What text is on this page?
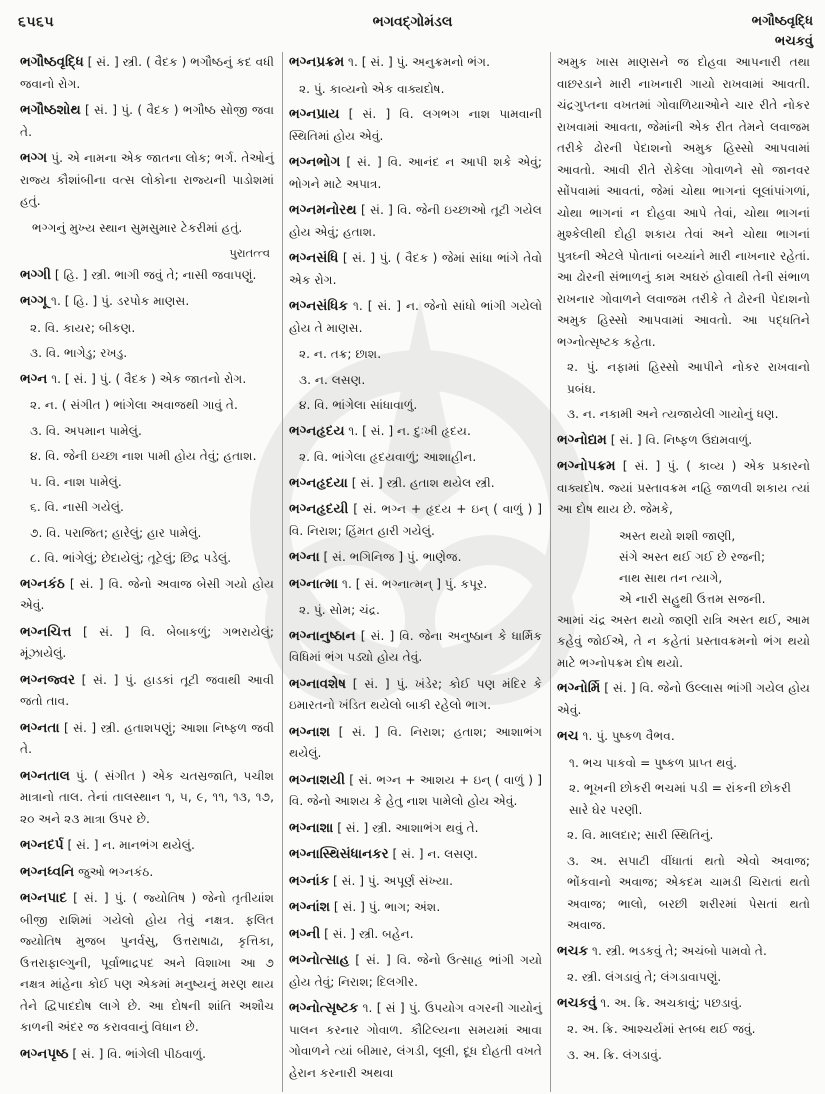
૬૫૬૫	ભગવદ્ગોમંડલ	ભગૌષ્ઠવૃદ્ધિ
ભચકવું

ભગૌષ્ઠવૃદ્ધિ [ સં. ] સ્ત્રી. ( વૈદક ) ભગૌષ્ઠનું કદ વધી જવાનો રોગ.

ભગૌષ્ઠશોથ [ સં. ] પું. ( વૈદક ) ભગૌષ્ઠ સોજી જવા તે.

ભગ્ગ પું. એ નામના એક જાતના લોક; ભર્ગ. તેઓનું રાજ્ય કૌશાંબીના વત્સ લોકોના રાજ્યની પાડોશમાં હતું.

ભગ્ગનું મુખ્ય સ્થાન સુમસુમાર ટેકરીમાં હતું.

પુરાતત્ત્વ

ભગ્ગી [ હિ. ] સ્ત્રી. ભાગી જવું તે; નાસી જવાપણું.

ભગ્ગૂ ૧. [ હિ. ] પું. ડરપોક માણસ.

૨. વિ. કાયર; બીકણ.

૩. વિ. ભાગેડુ; રખડુ.

ભગ્ન ૧. [ સં. ] પું. ( વૈદક ) એક જાતનો રોગ.

૨. ન. ( સંગીત ) ભાંગેલા અવાજથી ગાવું તે.

૩. વિ. અપમાન પામેલું.

૪. વિ. જેની ઇચ્છા નાશ પામી હોય તેવું; હતાશ.

૫. વિ. નાશ પામેલું.

૬. વિ. નાસી ગયેલું.

૭. વિ. પરાજિત; હારેલું; હાર પામેલું.

૮. વિ. ભાંગેલું; છેદાયેલું; તૂટેલું; છિદ્ર પડેલું.

ભગ્નકંઠ [ સં. ] વિ. જેનો અવાજ બેસી ગયો હોય એવું.

ભગ્નચિત્ત [ સં. ] વિ. બેબાકળું; ગભરાયેલું; મૂંઝાયેલું.

ભગ્નજ્વર [ સં. ] પું. હાડકાં તૂટી જવાથી આવી જતો તાવ.

ભગ્નતા [ સં. ] સ્ત્રી. હતાશપણું; આશા નિષ્ફળ જવી તે.

ભગ્નતાલ પું. ( સંગીત ) એક ચતસ્રજાતિ, પચીશ માત્રાનો તાલ. તેનાં તાલસ્થાન ૧, ૫, ૯, ૧૧, ૧૩, ૧૭, ૨૦ અને ૨૩ માત્રા ઉપર છે.

ભગ્નદર્પ [ સં. ] ન. માનભંગ થયેલું.

ભગ્નધ્વનિ જુઓ ભગ્નકંઠ.

ભગ્નપાદ [ સં. ] પું. ( જ્યોતિષ ) જેનો તૃતીયાંશ બીજી રાશિમાં ગયેલો હોય તેવું નક્ષત્ર. ફલિત જ્યોતિષ મુજબ પુનર્વસુ, ઉત્તરાષાઢા, કૃત્તિકા, ઉત્તરાફાલ્ગુની, પૂર્વાભાદ્રપદ અને વિશાખા આ ૭ નક્ષત્ર માંહેના કોઈ પણ એકમાં મનુષ્યનું મરણ થાય તેને દ્વિપાદદોષ લાગે છે. આ દોષની શાંતિ અશૌચ કાળની અંદર જ કરાવવાનું વિધાન છે.

ભગ્નપૃષ્ઠ [ સં. ] વિ. ભાંગેલી પીઠવાળું.

ભગ્નપ્રક્રમ ૧. [ સં. ] પું. અનુક્રમનો ભંગ.

૨. પું. કાવ્યનો એક વાક્યદોષ.

ભગ્નપ્રાય [ સં. ] વિ. લગભગ નાશ પામવાની સ્થિતિમાં હોય એવું.

ભગ્નભોગ [ સં. ] વિ. આનંદ ન આપી શકે એવું; ભોગને માટે અપાત્ર.

ભગ્નમનોરથ [ સં. ] વિ. જેની ઇચ્છાઓ તૂટી ગયેલ હોય એવું; હતાશ.

ભગ્નસંધિ [ સં. ] પું. ( વૈદક ) જેમાં સાંધા ભાંગે તેવો એક રોગ.

ભગ્નસંધિક ૧. [ સં. ] ન. જેનો સાંધો ભાંગી ગયેલો હોય તે માણસ.

૨. ન. તક્ર; છાશ.

૩. ન. લસણ.

૪. વિ. ભાંગેલા સાંધાવાળું.

ભગ્નહૃદય ૧. [ સં. ] ન. દુઃખી હૃદય.

૨. વિ. ભાંગેલા હૃદયવાળું; આશાહીન.

ભગ્નહૃદયા [ સં. ] સ્ત્રી. હતાશ થયેલ સ્ત્રી.

ભગ્નહૃદયી [ સં. ભગ્ન + હૃદય + ઇન્ ( વાળું ) ] વિ. નિરાશ; હિંમત હારી ગયેલું.

ભગ્ના [ સં. ભગિનિજ ] પું. ભાણેજ.

ભગ્નાત્મા ૧. [ સં. ભગ્નાત્મન્ ] પું. કપૂર.

૨. પું. સોમ; ચંદ્ર.

ભગ્નાનુષ્ઠાન [ સં. ] વિ. જેના અનુષ્ઠાન કે ધાર્મિક વિધિમાં ભંગ પડ્યો હોય તેવું.

ભગ્નાવશેષ [ સં. ] પું. ખંડેર; કોઈ પણ મંદિર કે ઇમારતનો ખંડિત થયેલો બાકી રહેલો ભાગ.

ભગ્નાશ [ સં. ] વિ. નિરાશ; હતાશ; આશાભંગ થયેલું.

ભગ્નાશયી [ સં. ભગ્ન + આશય + ઇન્ ( વાળું ) ] વિ. જેનો આશય કે હેતુ નાશ પામેલો હોય એવું.

ભગ્નાશા [ સં. ] સ્ત્રી. આશાભંગ થવું તે.

ભગ્નાસ્થિસંધાનકર [ સં. ] ન. લસણ.

ભગ્નાંક [ સં. ] પું. અપૂર્ણ સંખ્યા.

ભગ્નાંશ [ સં. ] પું. ભાગ; અંશ.

ભગ્ની [ સં. ] સ્ત્રી. બહેન.

ભગ્નોત્સાહ [ સં. ] વિ. જેનો ઉત્સાહ ભાંગી ગયો હોય તેવું; નિરાશ; દિલગીર.

ભગ્નોત્સૃષ્ટક ૧. [ સં ] પું. ઉપયોગ વગરની ગાયોનું પાલન કરનાર ગોવાળ. કૌટિલ્યના સમયમાં આવા ગોવાળને ત્યાં બીમાર, લંગડી, લૂલી, દૂધ દોહતી વખતે હેરાન કરનારી અથવા

અમુક ખાસ માણસને જ દોહવા આપનારી તથા વાછરડાને મારી નાખનારી ગાયો રાખવામાં આવતી. ચંદ્રગુપ્તના વખતમાં ગોવાળિયાઓને ચાર રીતે નોકર રાખવામાં આવતા, જેમાંની એક રીત તેમને લવાજમ તરીકે ઢોરની પેદાશનો અમુક હિસ્સો આપવામાં આવતો. આવી રીતે રોકેલા ગોવાળને સો જાનવર સોંપવામાં આવતાં, જેમાં ચોથા ભાગનાં લૂલાંપાંગળાં, ચોથા ભાગનાં ન દોહવા આપે તેવાં, ચોથા ભાગનાં મુશ્કેલીથી દોહી શકાય તેવાં અને ચોથા ભાગનાં પુત્રઘ્ની એટલે પોતાનાં બચ્ચાંને મારી નાખનાર રહેતાં. આ ઢોરની સંભાળનું કામ અઘરું હોવાથી તેની સંભાળ રાખનાર ગોવાળને લવાજમ તરીકે તે ઢોરની પેદાશનો અમુક હિસ્સો આપવામાં આવતો. આ પદ્ધતિને ભગ્નોત્સૃષ્ટક કહેતા.

૨. પું. નફામાં હિસ્સો આપીને નોકર રાખવાનો પ્રબંધ.

૩. ન. નકામી અને ત્યજાયેલી ગાયોનું ધણ.

ભગ્નોદ્યમ [ સં. ] વિ. નિષ્ફળ ઉદ્યમવાળું.

ભગ્નોપક્રમ [ સં. ] પું. ( કાવ્ય ) એક પ્રકારનો વાક્યદોષ. જ્યાં પ્રસ્તાવક્રમ નહિ જાળવી શકાય ત્યાં આ દોષ થાય છે. જેમકે,

અસ્ત થયો શશી જાણી,
સંગે અસ્ત થઈ ગઈ છે રજની;
નાથ સાથ તન ત્યાગે,
એ નારી સહુથી ઉત્તમ સજની.

આમાં ચંદ્ર અસ્ત થયો જાણી રાત્રિ અસ્ત થઈ, આમ કહેવું જોઈએ, તે ન કહેતાં પ્રસ્તાવક્રમનો ભંગ થયો માટે ભગ્નોપક્રમ દોષ થયો.

ભગ્નોર્મિ [ સં. ] વિ. જેનો ઉલ્લાસ ભાંગી ગયેલ હોય એવું.

ભચ ૧. પું. પુષ્કળ વૈભવ.

૧. ભચ પાકવો = પુષ્કળ પ્રાપ્ત થવું.

૨. ભૂખની છોકરી ભચમાં પડી = રાંકની છોકરી સારે ઘેર પરણી.

૨. વિ. માલદાર; સારી સ્થિતિનું.

૩. અ. સપાટી વીંધાતાં થતો એવો અવાજ; ભોંકવાનો અવાજ; એકદમ ચામડી ચિરાતાં થતો અવાજ; ભાલો, બરછી શરીરમાં પેસતાં થતો અવાજ.

ભચક ૧. સ્ત્રી. ભડકવું તે; અચંબો પામવો તે.

૨. સ્ત્રી. લંગડાવું તે; લંગડાવાપણું.

ભચકવું ૧. અ. ક્રિ. અચકાવું; પછડાવું.

૨. અ. ક્રિ. આશ્ચર્યમાં સ્તબ્ધ થઈ જવું.

૩. અ. ક્રિ. લંગડાવું.
